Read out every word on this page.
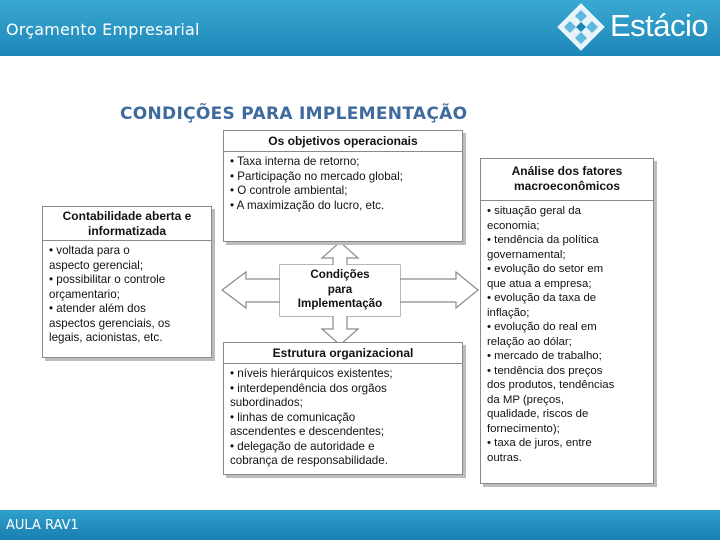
Orçamento Empresarial	Estácio
CONDIÇÕES PARA IMPLEMENTAÇÃO
Condições
para
Implementação
Os objetivos operacionais
• Taxa interna de retorno;
• Participação no mercado global;
• O controle ambiental;
• A maximização do lucro, etc.
Contabilidade aberta e
informatizada
• voltada para o
aspecto gerencial;
• possibilitar o controle
orçamentario;
• atender além dos
aspectos gerenciais, os
legais, acionistas, etc.
Estrutura organizacional
• níveis hierárquicos existentes;
• interdependência dos orgãos
subordinados;
• linhas de comunicação
ascendentes e descendentes;
• delegação de autoridade e
cobrança de responsabilidade.
Análise dos fatores
macroeconômicos
• situação geral da
economia;
• tendência da política
governamental;
• evolução do setor em
que atua a empresa;
• evolução da taxa de
inflação;
• evolução do real em
relação ao dólar;
• mercado de trabalho;
• tendência dos preços
dos produtos, tendências
da MP (preços,
qualidade, riscos de
fornecimento);
• taxa de juros, entre
outras.
AULA RAV1
